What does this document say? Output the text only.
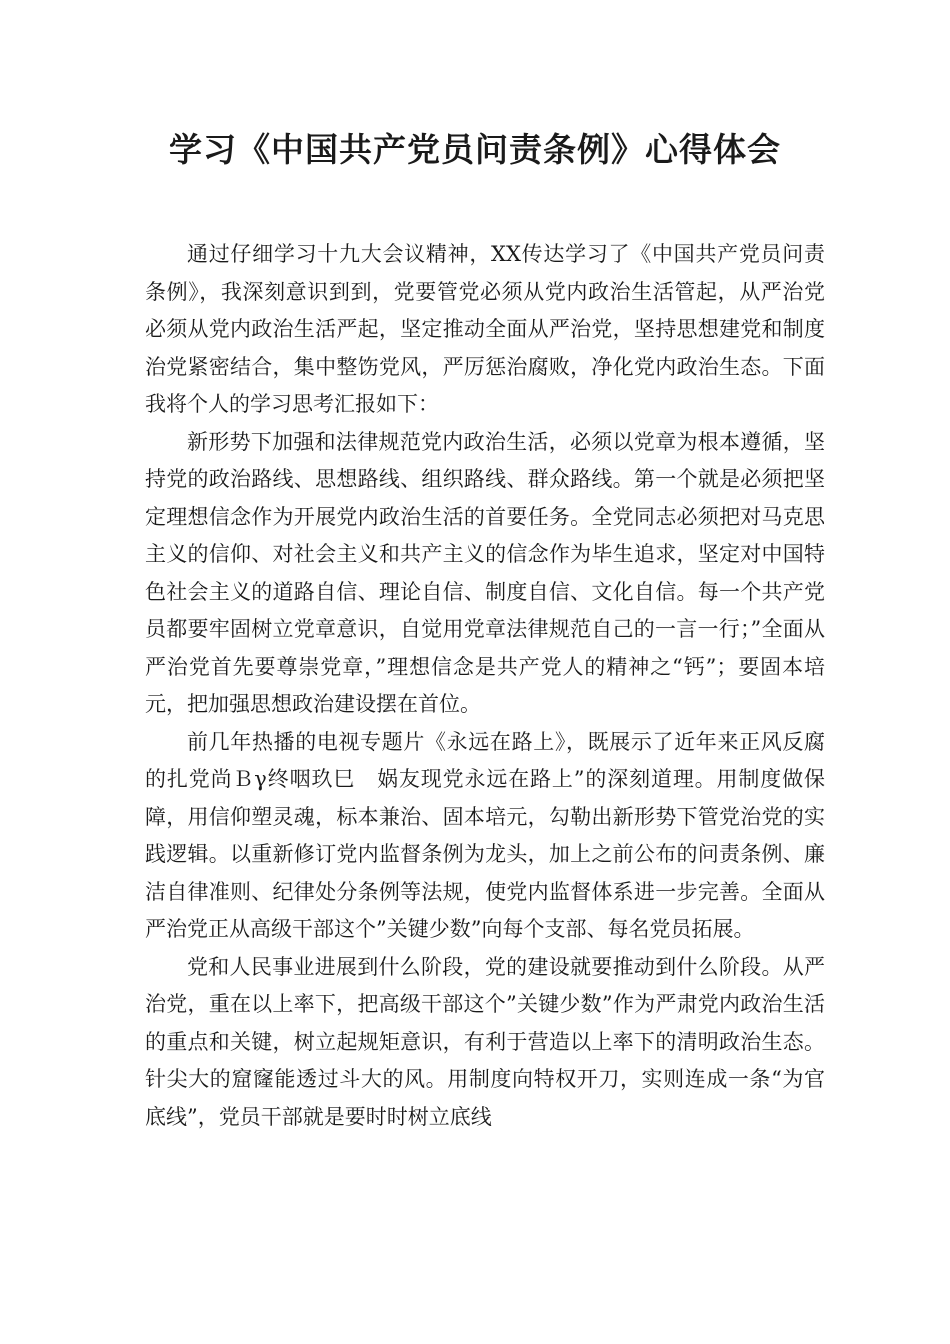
学习《中国共产党员问责条例》心得体会

通过仔细学习十九大会议精神，XX传达学习了《中国共产党员问责条例》，我深刻意识到到，党要管党必须从党内政治生活管起，从严治党必须从党内政治生活严起，坚定推动全面从严治党，坚持思想建党和制度治党紧密结合，集中整饬党风，严厉惩治腐败，净化党内政治生态。下面我将个人的学习思考汇报如下：

新形势下加强和法律规范党内政治生活，必须以党章为根本遵循，坚持党的政治路线、思想路线、组织路线、群众路线。第一个就是必须把坚定理想信念作为开展党内政治生活的首要任务。全党同志必须把对马克思主义的信仰、对社会主义和共产主义的信念作为毕生追求，坚定对中国特色社会主义的道路自信、理论自信、制度自信、文化自信。每一个共产党员都要牢固树立党章意识，自觉用党章法律规范自己的一言一行；”全面从严治党首先要尊崇党章，”理想信念是共产党人的精神之“钙”；要固本培元，把加强思想政治建设摆在首位。

前几年热播的电视专题片《永远在路上》，既展示了近年来正风反腐的扎党尚Ｂγ终咽玖巳　娲友现党永远在路上”的深刻道理。用制度做保障，用信仰塑灵魂，标本兼治、固本培元，勾勒出新形势下管党治党的实践逻辑。以重新修订党内监督条例为龙头，加上之前公布的问责条例、廉洁自律准则、纪律处分条例等法规，使党内监督体系进一步完善。全面从严治党正从高级干部这个”关键少数”向每个支部、每名党员拓展。

党和人民事业进展到什么阶段，党的建设就要推动到什么阶段。从严治党，重在以上率下，把高级干部这个”关键少数”作为严肃党内政治生活的重点和关键，树立起规矩意识，有利于营造以上率下的清明政治生态。针尖大的窟窿能透过斗大的风。用制度向特权开刀，实则连成一条“为官底线”，党员干部就是要时时树立底线
